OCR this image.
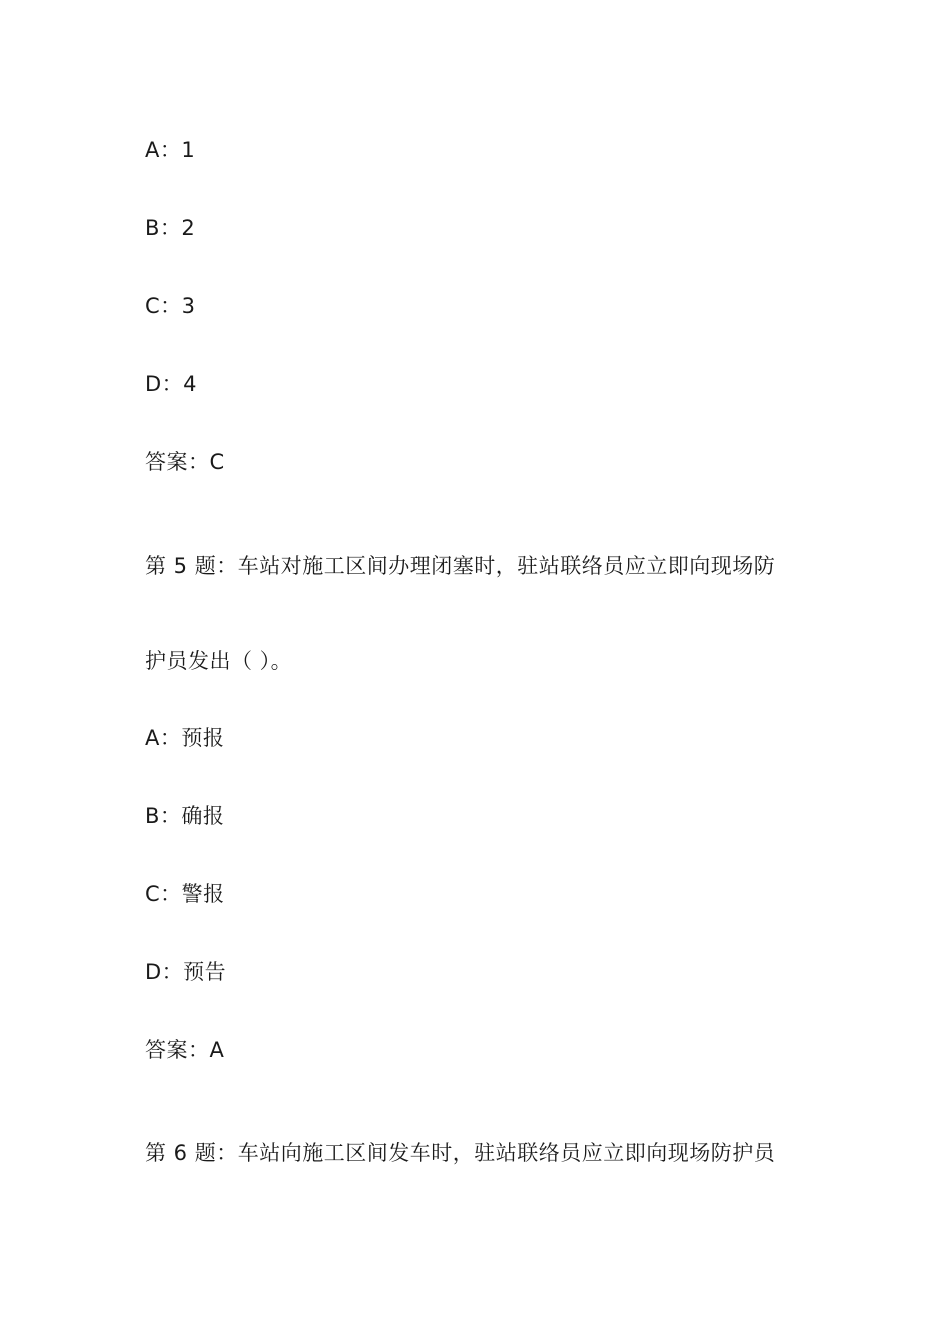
A：1
B：2
C：3
D：4
答案：C
第 5 题：车站对施工区间办理闭塞时，驻站联络员应立即向现场防
护员发出（ ）。
A：预报
B：确报
C：警报
D：预告
答案：A
第 6 题：车站向施工区间发车时，驻站联络员应立即向现场防护员
